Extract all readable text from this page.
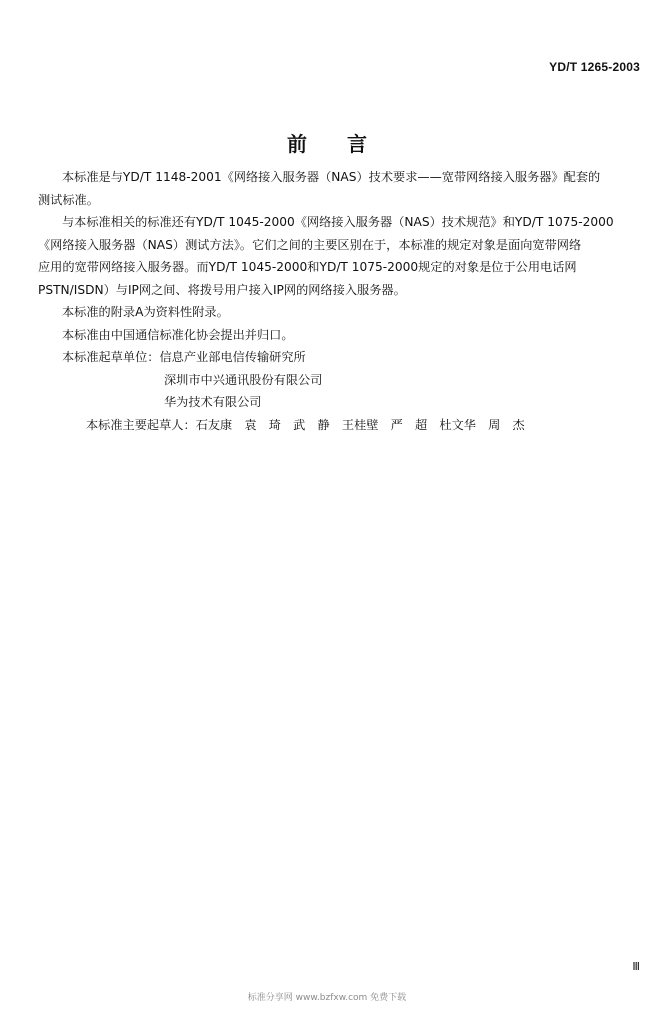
YD/T 1265-2003
前 言

本标准是与YD/T 1148-2001《网络接入服务器（NAS）技术要求——宽带网络接入服务器》配套的

测试标准。

与本标准相关的标准还有YD/T 1045-2000《网络接入服务器（NAS）技术规范》和YD/T 1075-2000

《网络接入服务器（NAS）测试方法》。它们之间的主要区别在于，本标准的规定对象是面向宽带网络

应用的宽带网络接入服务器。而YD/T 1045-2000和YD/T 1075-2000规定的对象是位于公用电话网

PSTN/ISDN）与IP网之间、将拨号用户接入IP网的网络接入服务器。

本标准的附录A为资料性附录。

本标准由中国通信标准化协会提出并归口。

本标准起草单位：信息产业部电信传输研究所

深圳市中兴通讯股份有限公司
华为技术有限公司

本标准主要起草人：石友康　袁　琦　武　静　王桂壁　严　超　杜文华　周　杰

Ⅲ
标准分享网 www.bzfxw.com 免费下载
